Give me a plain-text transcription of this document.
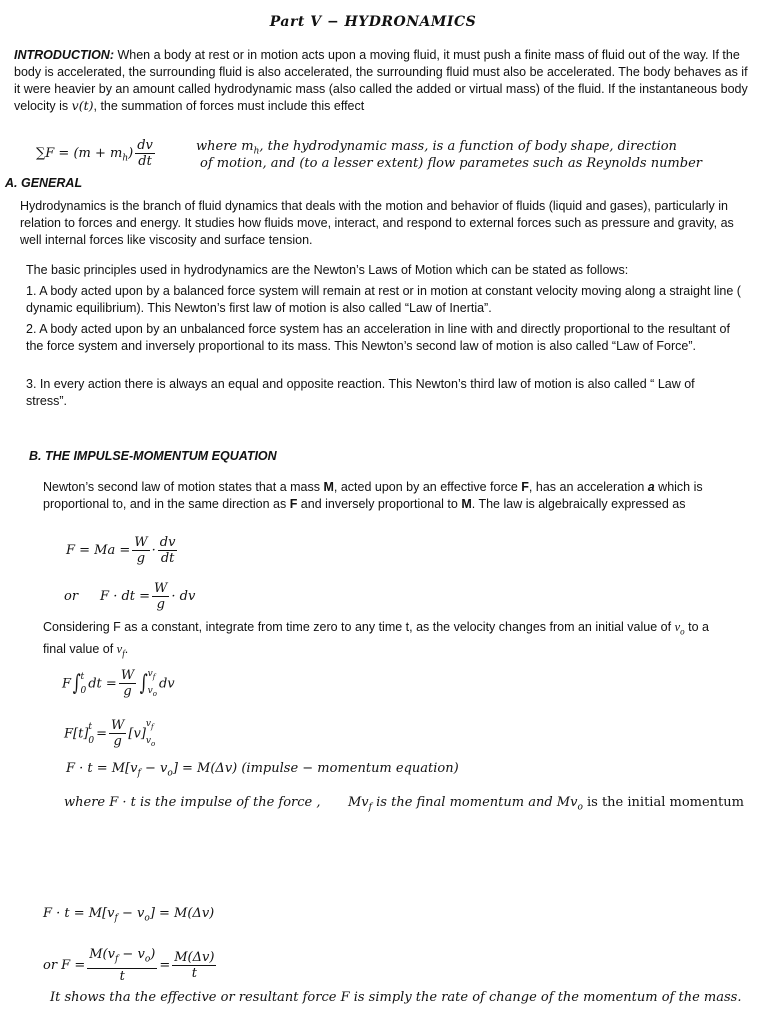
Part V − HYDRONAMICS

INTRODUCTION: When a body at rest or in motion acts upon a moving fluid, it must push a finite mass of fluid out of the way. If the body is accelerated, the surrounding fluid is also accelerated, the surrounding fluid must also be accelerated. The body behaves as if it were heavier by an amount called hydrodynamic mass (also called the added or virtual mass) of the fluid. If the instantaneous body velocity is v(t), the summation of forces must include this effect

$\sum F = (m + m_h) \frac{dv}{dt}$	where $m_h$, the hydrodynamic mass, is a function of body shape, direction
of motion, and (to a lesser extent) flow parametes such as Reynolds number
A. GENERAL

Hydrodynamics is the branch of fluid dynamics that deals with the motion and behavior of fluids (liquid and gases), particularly in relation to forces and energy. It studies how fluids move, interact, and respond to external forces such as pressure and gravity, as well internal forces like viscosity and surface tension.

The basic principles used in hydrodynamics are the Newton’s Laws of Motion which can be stated as follows:

1. A body acted upon by a balanced force system will remain at rest or in motion at constant velocity moving along a straight line ( dynamic equilibrium). This Newton’s first law of motion is also called “Law of Inertia”.

2. A body acted upon by an unbalanced force system has an acceleration in line with and directly proportional to the resultant of the force system and inversely proportional to its mass. This Newton’s second law of motion is also called “Law of Force”.

3. In every action there is always an equal and opposite reaction. This Newton’s third law of motion is also called “ Law of stress”.

B. THE IMPULSE-MOMENTUM EQUATION

Newton’s second law of motion states that a mass M, acted upon by an effective force F, has an acceleration a which is proportional to, and in the same direction as F and inversely proportional to M. The law is algebraically expressed as

$F = Ma = \frac{W}{g} \cdot \frac{dv}{dt}$
or F · dt = $\frac{W}{g}$ · dv

Considering F as a constant, integrate from time zero to any time t, as the velocity changes from an initial value of $v_o$ to a final value of $v_f$.

F∫ t
0 dt = $\frac{W}{g}$ ∫ $v_f$
$v_o$
dv
F[t] t
$0 = \frac{W}{g} [v]$
$v_f$
$v_o$
$F \cdot t = M[v_f - v_o] = M(\Delta v)$ (impulse − momentum equation)
where F · t is the impulse of the force , $Mv_f$ is the final momentum and $Mv_o$ is the initial momentum
$F \cdot t = M[v_f - v_o] = M(\Delta v)$
or $F = \frac{M(v_f - v_o)}{t} = \frac{M(\Delta v)}{t}$
It shows tha the effective or resultant force F is simply the rate of change of the momentum of the mass.
